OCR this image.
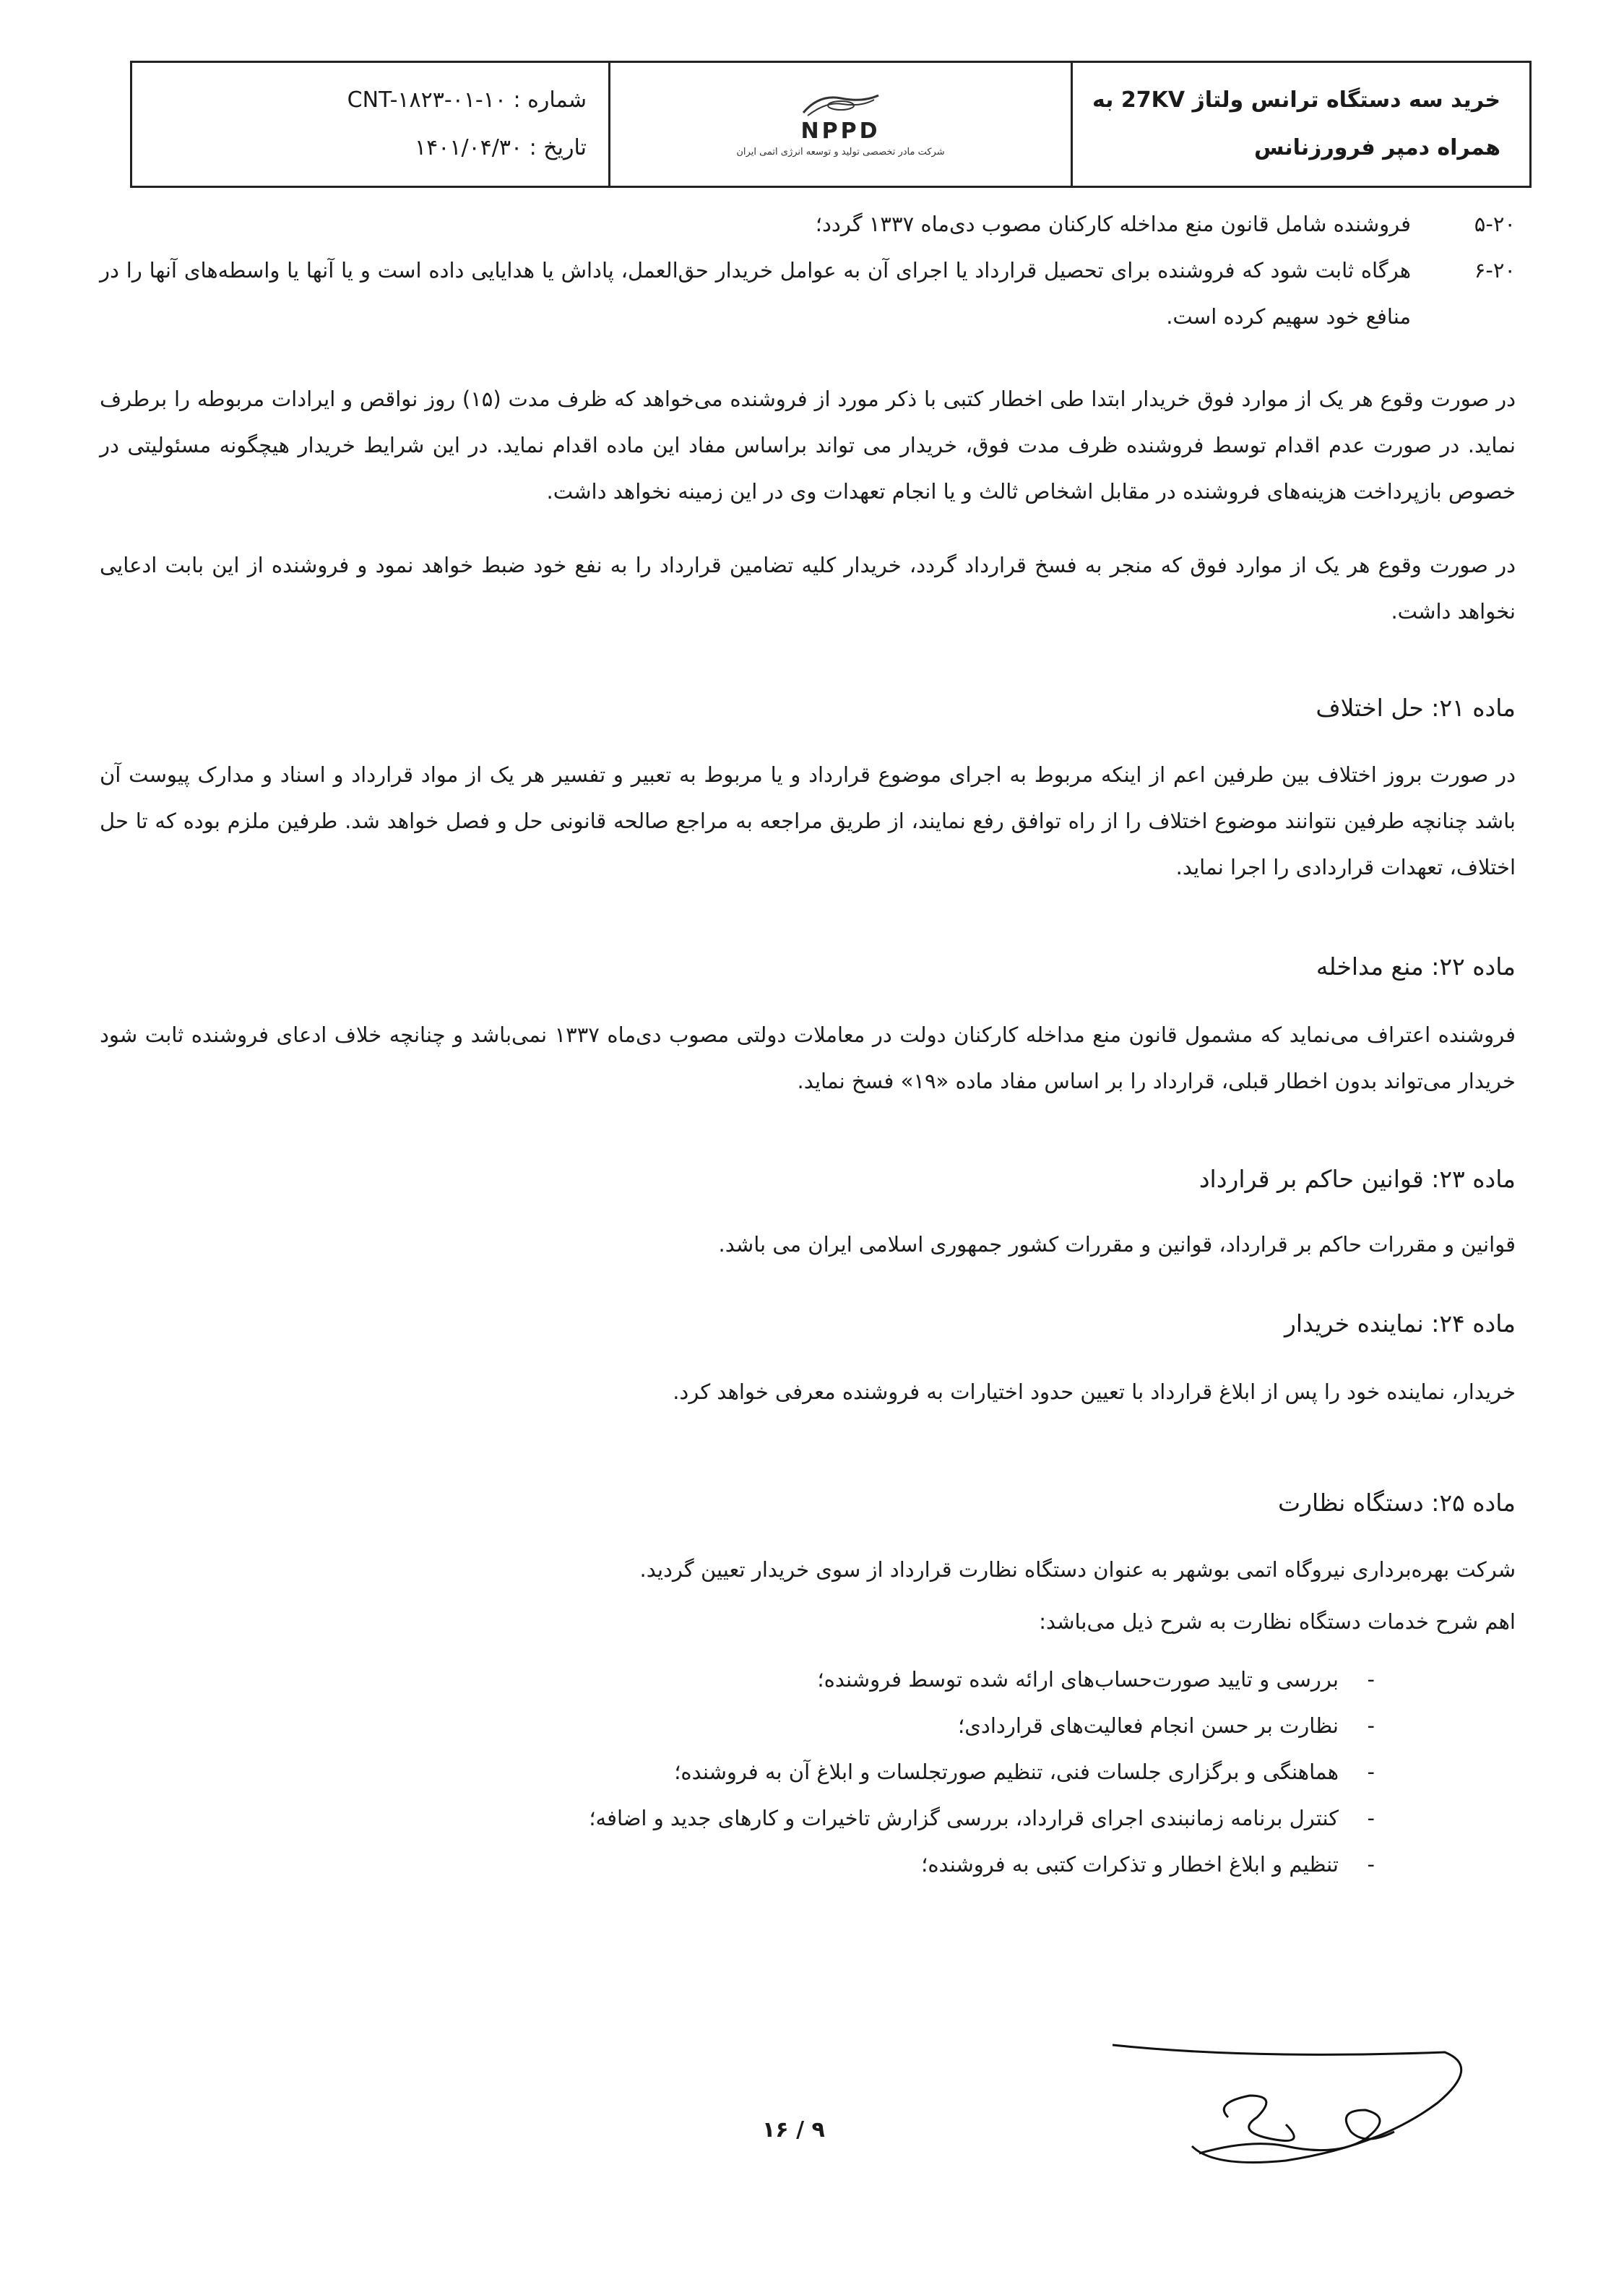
خرید سه دستگاه ترانس ولتاژ 27KV به
همراه دمپر فرورزنانس
NPPD
شرکت مادر تخصصی تولید و توسعه انرژی اتمی ایران
شماره : CNT-۱۸۲۳-۰۱-۱۰
تاریخ : ۱۴۰۱/۰۴/۳۰
۵-۲۰
فروشنده شامل قانون منع مداخله کارکنان مصوب دی‌ماه ۱۳۳۷ گردد؛
۶-۲۰
هرگاه ثابت شود که فروشنده برای تحصیل قرارداد یا اجرای آن به عوامل خریدار حق‌العمل، پاداش یا هدایایی داده است و یا آنها یا واسطه‌های آنها را در منافع خود سهیم کرده است.
در صورت وقوع هر یک از موارد فوق خریدار ابتدا طی اخطار کتبی با ذکر مورد از فروشنده می‌خواهد که ظرف مدت (۱۵) روز نواقص و ایرادات مربوطه را برطرف نماید. در صورت عدم اقدام توسط فروشنده ظرف مدت فوق، خریدار می تواند براساس مفاد این ماده اقدام نماید. در این شرایط خریدار هیچگونه مسئولیتی در خصوص بازپرداخت هزینه‌های فروشنده در مقابل اشخاص ثالث و یا انجام تعهدات وی در این زمینه نخواهد داشت.
در صورت وقوع هر یک از موارد فوق که منجر به فسخ قرارداد گردد، خریدار کلیه تضامین قرارداد را به نفع خود ضبط خواهد نمود و فروشنده از این بابت ادعایی نخواهد داشت.
ماده ۲۱: حل اختلاف
در صورت بروز اختلاف بین طرفین اعم از اینکه مربوط به اجرای موضوع قرارداد و یا مربوط به تعبیر و تفسیر هر یک از مواد قرارداد و اسناد و مدارک پیوست آن باشد چنانچه طرفین نتوانند موضوع اختلاف را از راه توافق رفع نمایند، از طریق مراجعه به مراجع صالحه قانونی حل و فصل خواهد شد. طرفین ملزم بوده که تا حل اختلاف، تعهدات قراردادی را اجرا نماید.
ماده ۲۲: منع مداخله
فروشنده اعتراف می‌نماید که مشمول قانون منع مداخله کارکنان دولت در معاملات دولتی مصوب دی‌ماه ۱۳۳۷ نمی‌باشد و چنانچه خلاف ادعای فروشنده ثابت شود خریدار می‌تواند بدون اخطار قبلی، قرارداد را بر اساس مفاد ماده «۱۹» فسخ نماید.
ماده ۲۳: قوانین حاکم بر قرارداد
قوانین و مقررات حاکم بر قرارداد، قوانین و مقررات کشور جمهوری اسلامی ایران می باشد.
ماده ۲۴: نماینده خریدار
خریدار، نماینده خود را پس از ابلاغ قرارداد با تعیین حدود اختیارات به فروشنده معرفی خواهد کرد.
ماده ۲۵: دستگاه نظارت
شرکت بهره‌برداری نیروگاه اتمی بوشهر به عنوان دستگاه نظارت قرارداد از سوی خریدار تعیین گردید.
اهم شرح خدمات دستگاه نظارت به شرح ذیل می‌باشد:
-
بررسی و تایید صورت‌حساب‌های ارائه شده توسط فروشنده؛
-
نظارت بر حسن انجام فعالیت‌های قراردادی؛
-
هماهنگی و برگزاری جلسات فنی، تنظیم صورتجلسات و ابلاغ آن به فروشنده؛
-
کنترل برنامه زمانبندی اجرای قرارداد، بررسی گزارش تاخیرات و کارهای جدید و اضافه؛
-
تنظیم و ابلاغ اخطار و تذکرات کتبی به فروشنده؛
۹ / ۱۶
